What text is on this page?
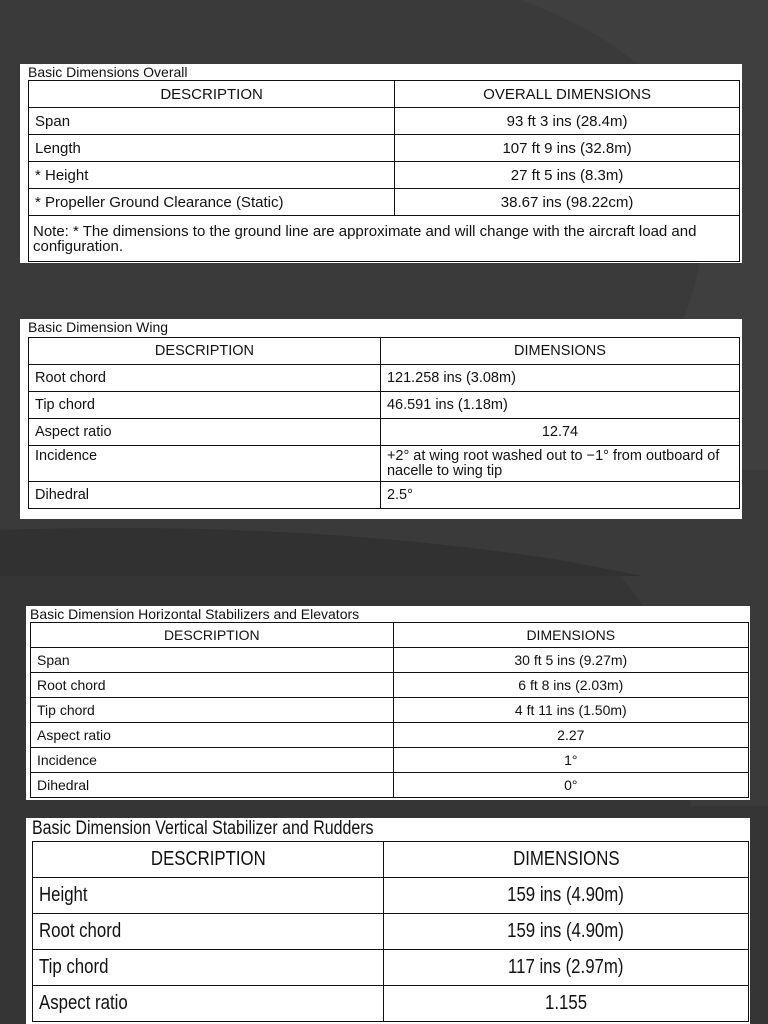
Basic Dimensions Overall
DESCRIPTION	OVERALL DIMENSIONS
Span	93 ft 3 ins (28.4m)
Length	107 ft 9 ins (32.8m)
* Height	27 ft 5 ins (8.3m)
* Propeller Ground Clearance (Static)	38.67 ins (98.22cm)
Note: * The dimensions to the ground line are approximate and will change with the aircraft load and configuration.	
Basic Dimension Wing
DESCRIPTION	DIMENSIONS
Root chord	121.258 ins (3.08m)
Tip chord	46.591 ins (1.18m)
Aspect ratio	12.74
Incidence	+2° at wing root washed out to −1° from outboard of nacelle to wing tip
Dihedral	2.5°
Basic Dimension Horizontal Stabilizers and Elevators
DESCRIPTION	DIMENSIONS
Span	30 ft 5 ins (9.27m)
Root chord	6 ft 8 ins (2.03m)
Tip chord	4 ft 11 ins (1.50m)
Aspect ratio	2.27
Incidence	1°
Dihedral	0°
Basic Dimension Vertical Stabilizer and Rudders
DESCRIPTION	DIMENSIONS
Height	159 ins (4.90m)
Root chord	159 ins (4.90m)
Tip chord	117 ins (2.97m)
Aspect ratio	1.155
